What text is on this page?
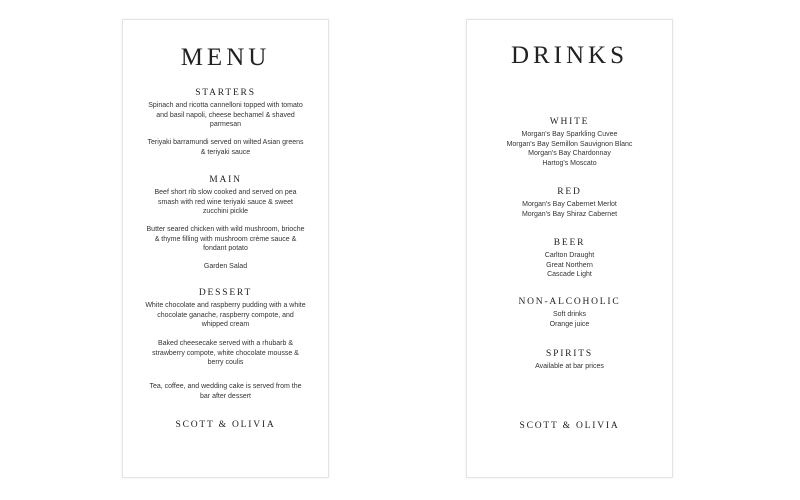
MENU
STARTERS
Spinach and ricotta cannelloni topped with tomato and basil napoli, cheese bechamel & shaved parmesan
Teriyaki barramundi served on wilted Asian greens & teriyaki sauce
MAIN
Beef short rib slow cooked and served on pea smash with red wine teriyaki sauce & sweet zucchini pickle
Butter seared chicken with wild mushroom, brioche & thyme filling with mushroom crème sauce & fondant potato
Garden Salad
DESSERT
White chocolate and raspberry pudding with a white chocolate ganache, raspberry compote, and whipped cream
Baked cheesecake served with a rhubarb & strawberry compote, white chocolate mousse & berry coulis
Tea, coffee, and wedding cake is served from the bar after dessert
SCOTT & OLIVIA
DRINKS
WHITE
Morgan's Bay Sparkling Cuvee
Morgan's Bay Semillon Sauvignon Blanc
Morgan's Bay Chardonnay
Hartog's Moscato
RED
Morgan's Bay Cabernet Merlot
Morgan's Bay Shiraz Cabernet
BEER
Carlton Draught
Great Northern
Cascade Light
NON-ALCOHOLIC
Soft drinks
Orange juice
SPIRITS
Available at bar prices
SCOTT & OLIVIA
